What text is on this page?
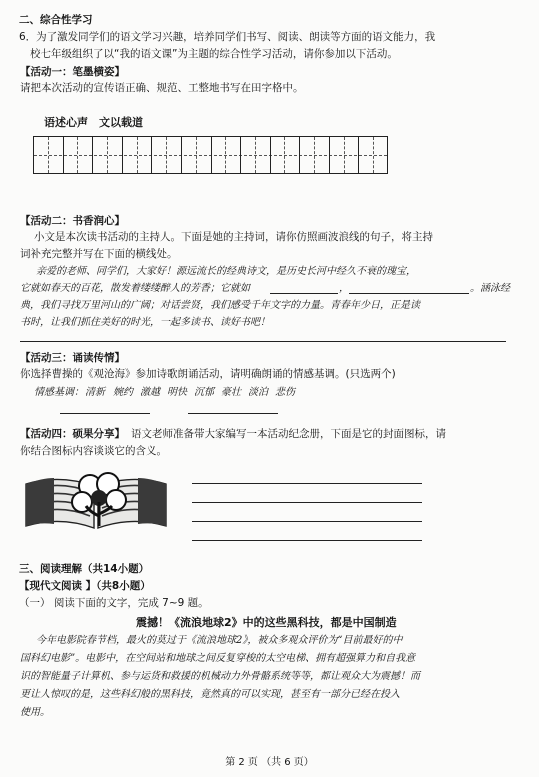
二、综合性学习
6．为了激发同学们的语文学习兴趣，培养同学们书写、阅读、朗读等方面的语文能力，我
校七年级组织了以“我的语文课”为主题的综合性学习活动，请你参加以下活动。
【活动一：笔墨横姿】
请把本次活动的宣传语正确、规范、工整地书写在田字格中。
语述心声　文以载道
【活动二：书香润心】
小文是本次读书活动的主持人。下面是她的主持词，请你仿照画波浪线的句子，将主持
词补充完整并写在下面的横线处。
亲爱的老师、同学们，大家好！源远流长的经典诗文，是历史长河中经久不衰的瑰宝，
它就如春天的百花，散发着缕缕醉人的芳香；它就如	，	。涵泳经
典，我们寻找万里河山的广阔；对话尝贤，我们感受千年文字的力量。青春年少日，正是读
书时，让我们抓住美好的时光，一起多读书、读好书吧！
【活动三：诵读传情】
你选择曹操的《观沧海》参加诗歌朗诵活动，请明确朗诵的情感基调。(只选两个)
情感基调： 清新 婉约 激越 明快 沉郁 豪壮 淡泊 悲伤
【活动四：硕果分享】 语文老师准备带大家编写一本活动纪念册，下面是它的封面图标，请
你结合图标内容谈谈它的含义。
三、阅读理解（共14小题）
【现代文阅读 】（共8小题）
（一） 阅读下面的文字，完成 7~9 题。
震撼！《流浪地球2》中的这些黑科技，都是中国制造
今年电影院春节档，最火的莫过于《流浪地球2》，被众多观众评价为“目前最好的中
国科幻电影”。电影中，在空间站和地球之间反复穿梭的太空电梯、拥有超强算力和自我意
识的智能量子计算机、参与运货和救援的机械动力外骨骼系统等等，都让观众大为震撼！而
更让人惊叹的是，这些科幻般的黑科技，竟然真的可以实现，甚至有一部分已经在投入
使用。
第 2 页 （共 6 页）
